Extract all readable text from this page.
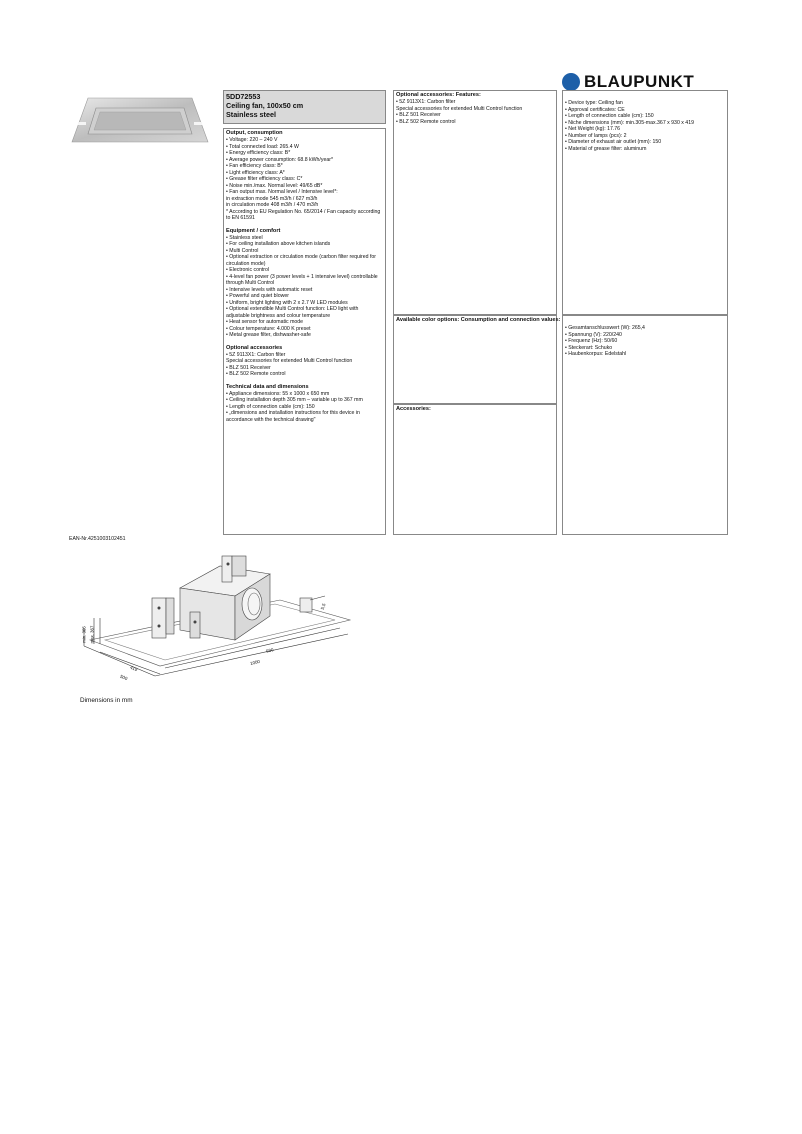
BLAUPUNKT
5DD72553
Ceiling fan, 100x50 cm
Stainless steel
Output, consumption
• Voltage: 220 – 240 V
• Total connected load: 265.4 W
• Energy efficiency class: B*
• Average power consumption: 68.8 kWh/year*
• Fan efficiency class: B*
• Light efficiency class: A*
• Grease filter efficiency class: C*
• Noise min./max. Normal level: 49/65 dB*
• Fan output max. Normal level / Intensive level*:
in extraction mode 545 m3/h / 627 m3/h
in circulation mode 408 m3/h / 470 m3/h
* According to EU Regulation No. 65/2014 / Fan capacity according to EN 61591
Equipment / comfort
• Stainless steel
• For ceiling installation above kitchen islands
• Multi Control
• Optional extraction or circulation mode (carbon filter required for circulation mode)
• Electronic control
• 4-level fan power (3 power levels + 1 intensive level) controllable through Multi Control
• Intensive levels with automatic reset
• Powerful and quiet blower
• Uniform, bright lighting with 2 x 2.7 W LED modules
• Optional extendible Multi Control function: LED light with adjustable brightness and colour temperature
• Heat sensor for automatic mode
• Colour temperature: 4.000 K preset
• Metal grease filter, dishwasher-safe
Optional accessories
• 5Z 9113X1: Carbon filter
Special accessories for extended Multi Control function
• BLZ 501 Receiver
• BLZ 502 Remote control
Technical data and dimensions
• Appliance dimensions: 55 x 1000 x 650 mm
• Ceiling installation depth 305 mm – variable up to 367 mm
• Length of connection cable (cm): 150
• „dimensions and installation instructions for this device in accordance with the technical drawing"
Optional accessories: Features:
• 5Z 9113X1: Carbon filter
Special accessories for extended Multi Control function
• BLZ 501 Receiver
• BLZ 502 Remote control
Available color options: Consumption and connection values:
Accessories:
• Device type: Ceiling fan
• Approval certificates: CE
• Length of connection cable (cm): 150
• Niche dimensions (mm): min.305-max.367 x 930 x 419
• Net Weight (kg): 17.76
• Number of lamps (pcs): 2
• Diameter of exhaust air outlet (mm): 150
• Material of grease filter: aluminum
• Gesamtanschlusswert (W): 265,4
• Spannung (V): 220/240
• Frequenz (Hz): 50/60
• Steckerart: Schuko
• Haubenkorpus: Edelstahl
EAN-Nr.4251003102451
5,5
930
1000
419
500
min. 305 max. 367
Dimensions in mm
